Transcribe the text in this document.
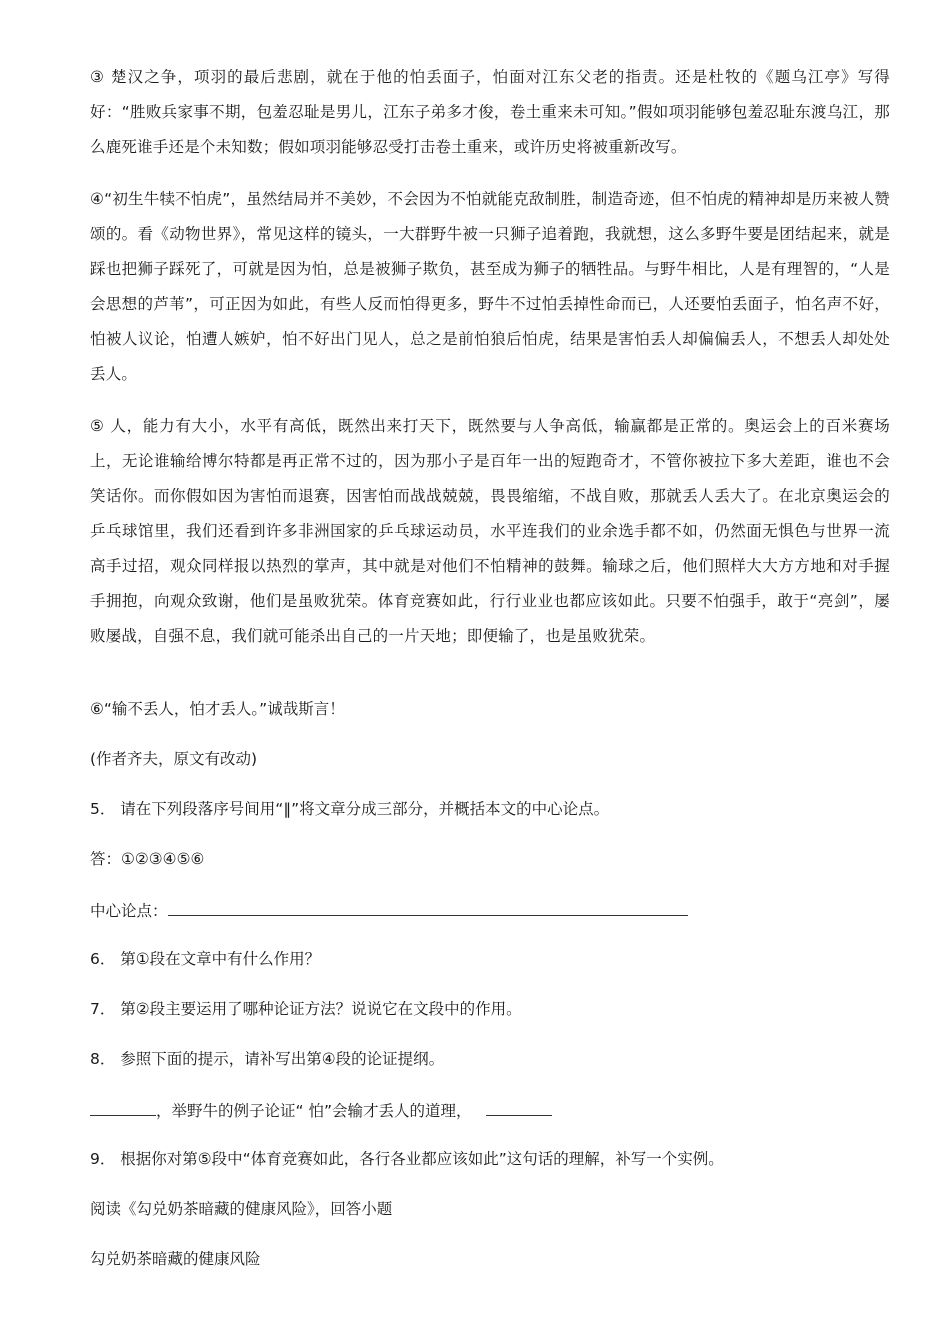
③ 楚汉之争，项羽的最后悲剧，就在于他的怕丢面子，怕面对江东父老的指责。还是杜牧的《题乌江亭》写得好：“胜败兵家事不期，包羞忍耻是男儿，江东子弟多才俊，卷土重来未可知。”假如项羽能够包羞忍耻东渡乌江，那么鹿死谁手还是个未知数；假如项羽能够忍受打击卷土重来，或许历史将被重新改写。

④“初生牛犊不怕虎”，虽然结局并不美妙，不会因为不怕就能克敌制胜，制造奇迹，但不怕虎的精神却是历来被人赞颂的。看《动物世界》，常见这样的镜头，一大群野牛被一只狮子追着跑，我就想，这么多野牛要是团结起来，就是踩也把狮子踩死了，可就是因为怕，总是被狮子欺负，甚至成为狮子的牺牲品。与野牛相比，人是有理智的，“人是会思想的芦苇”，可正因为如此，有些人反而怕得更多，野牛不过怕丢掉性命而已，人还要怕丢面子，怕名声不好，怕被人议论，怕遭人嫉妒，怕不好出门见人，总之是前怕狼后怕虎，结果是害怕丢人却偏偏丢人，不想丢人却处处丢人。

⑤ 人，能力有大小，水平有高低，既然出来打天下，既然要与人争高低，输赢都是正常的。奥运会上的百米赛场上，无论谁输给博尔特都是再正常不过的，因为那小子是百年一出的短跑奇才，不管你被拉下多大差距，谁也不会笑话你。而你假如因为害怕而退赛，因害怕而战战兢兢，畏畏缩缩，不战自败，那就丢人丢大了。在北京奥运会的乒乓球馆里，我们还看到许多非洲国家的乒乓球运动员，水平连我们的业余选手都不如，仍然面无惧色与世界一流高手过招，观众同样报以热烈的掌声，其中就是对他们不怕精神的鼓舞。输球之后，他们照样大大方方地和对手握手拥抱，向观众致谢，他们是虽败犹荣。体育竞赛如此，行行业业也都应该如此。只要不怕强手，敢于“亮剑”，屡败屡战，自强不息，我们就可能杀出自己的一片天地；即便输了，也是虽败犹荣。

⑥“输不丢人，怕才丢人。”诚哉斯言！

(作者齐夫，原文有改动)

5． 请在下列段落序号间用“‖”将文章分成三部分，并概括本文的中心论点。

答：①②③④⑤⑥

中心论点：

6． 第①段在文章中有什么作用？

7． 第②段主要运用了哪种论证方法？说说它在文段中的作用。

8． 参照下面的提示，请补写出第④段的论证提纲。

，举野牛的例子论证“ 怕”会输才丢人的道理，

9． 根据你对第⑤段中“体育竞赛如此，各行各业都应该如此”这句话的理解，补写一个实例。

阅读《勾兑奶茶暗藏的健康风险》，回答小题

勾兑奶茶暗藏的健康风险
